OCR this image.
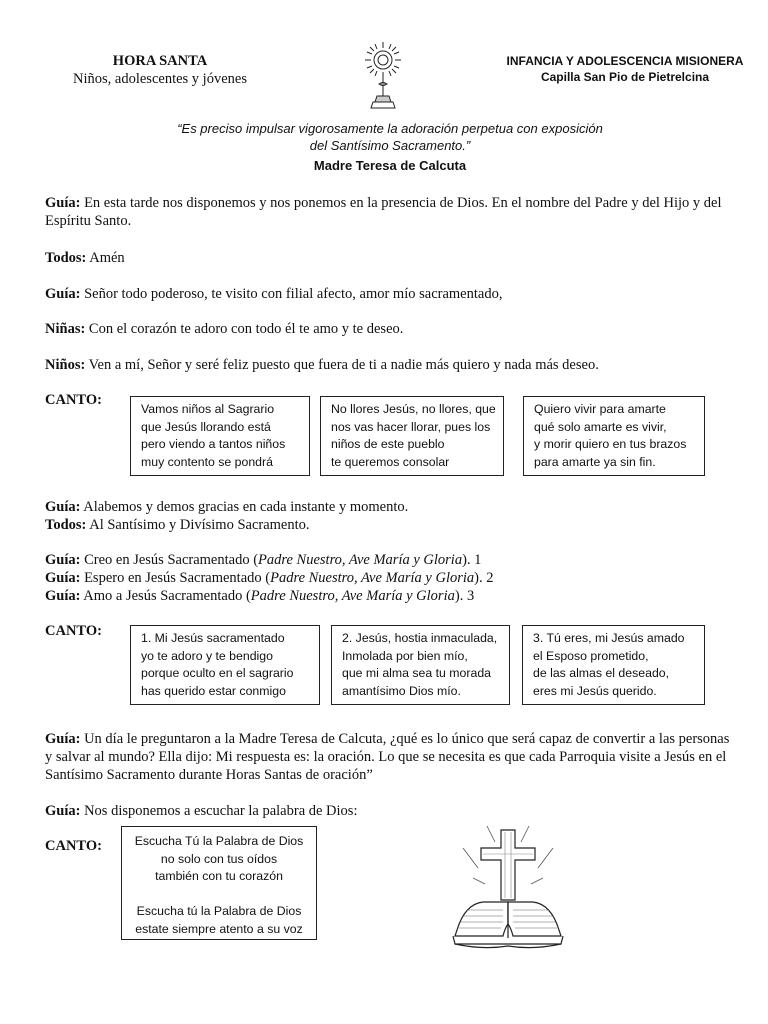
HORA SANTA
Niños, adolescentes y jóvenes
INFANCIA Y ADOLESCENCIA MISIONERA
Capilla San Pio de Pietrelcina
“Es preciso impulsar vigorosamente la adoración perpetua con exposición
del Santísimo Sacramento.”
Madre Teresa de Calcuta

Guía: En esta tarde nos disponemos y nos ponemos en la presencia de Dios. En el nombre del Padre y del Hijo y del Espíritu Santo.

Todos: Amén

Guía: Señor todo poderoso, te visito con filial afecto, amor mío sacramentado,

Niñas: Con el corazón te adoro con todo él te amo y te deseo.

Niños: Ven a mí, Señor y seré feliz puesto que fuera de ti a nadie más quiero y nada más deseo.

CANTO:
Vamos niños al Sagrario
que Jesús llorando está
pero viendo a tantos niños
muy contento se pondrá
No llores Jesús, no llores, que
nos vas hacer llorar, pues los
niños de este pueblo
te queremos consolar
Quiero vivir para amarte
qué solo amarte es vivir,
y morir quiero en tus brazos
para amarte ya sin fin.

Guía: Alabemos y demos gracias en cada instante y momento.

Todos: Al Santísimo y Divísimo Sacramento.

Guía: Creo en Jesús Sacramentado (Padre Nuestro, Ave María y Gloria). 1

Guía: Espero en Jesús Sacramentado (Padre Nuestro, Ave María y Gloria). 2

Guía: Amo a Jesús Sacramentado (Padre Nuestro, Ave María y Gloria). 3

CANTO:	1. Mi Jesús sacramentado
yo te adoro y te bendigo
porque oculto en el sagrario
has querido estar conmigo
2. Jesús, hostia inmaculada,
Inmolada por bien mío,
que mi alma sea tu morada
amantísimo Dios mío.
3. Tú eres, mi Jesús amado
el Esposo prometido,
de las almas el deseado,
eres mi Jesús querido.

Guía: Un día le preguntaron a la Madre Teresa de Calcuta, ¿qué es lo único que será capaz de convertir a las personas y salvar al mundo? Ella dijo: Mi respuesta es: la oración. Lo que se necesita es que cada Parroquia visite a Jesús en el Santísimo Sacramento durante Horas Santas de oración”

Guía: Nos disponemos a escuchar la palabra de Dios:

CANTO:	Escucha Tú la Palabra de Dios
no solo con tus oídos
también con tu corazón
Escucha tú la Palabra de Dios
estate siempre atento a su voz
